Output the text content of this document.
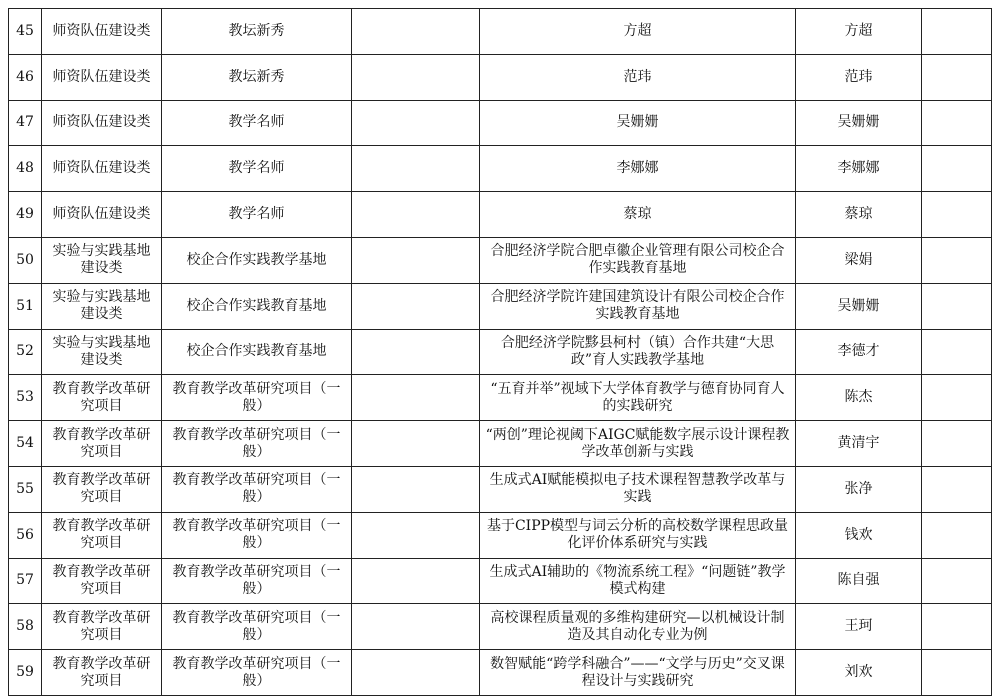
45	师资队伍建设类	教坛新秀		方超	方超	
46	师资队伍建设类	教坛新秀		范玮	范玮	
47	师资队伍建设类	教学名师		吴姗姗	吴姗姗	
48	师资队伍建设类	教学名师		李娜娜	李娜娜	
49	师资队伍建设类	教学名师		蔡琼	蔡琼	
50	实验与实践基地建设类	校企合作实践教学基地		合肥经济学院合肥卓徽企业管理有限公司校企合作实践教育基地	梁娟	
51	实验与实践基地建设类	校企合作实践教育基地		合肥经济学院许建国建筑设计有限公司校企合作实践教育基地	吴姗姗	
52	实验与实践基地建设类	校企合作实践教育基地		合肥经济学院黟县柯村（镇）合作共建“大思政”育人实践教学基地	李德才	
53	教育教学改革研究项目	教育教学改革研究项目（一般）		“五育并举”视域下大学体育教学与德育协同育人的实践研究	陈杰	
54	教育教学改革研究项目	教育教学改革研究项目（一般）		“两创”理论视阈下AIGC赋能数字展示设计课程教学改革创新与实践	黄清宇	
55	教育教学改革研究项目	教育教学改革研究项目（一般）		生成式AI赋能模拟电子技术课程智慧教学改革与实践	张净	
56	教育教学改革研究项目	教育教学改革研究项目（一般）		基于CIPP模型与词云分析的高校数学课程思政量化评价体系研究与实践	钱欢	
57	教育教学改革研究项目	教育教学改革研究项目（一般）		生成式AI辅助的《物流系统工程》“问题链”教学模式构建	陈自强	
58	教育教学改革研究项目	教育教学改革研究项目（一般）		高校课程质量观的多维构建研究—以机械设计制造及其自动化专业为例	王珂	
59	教育教学改革研究项目	教育教学改革研究项目（一般）		数智赋能“跨学科融合”——“文学与历史”交叉课程设计与实践研究	刘欢	
